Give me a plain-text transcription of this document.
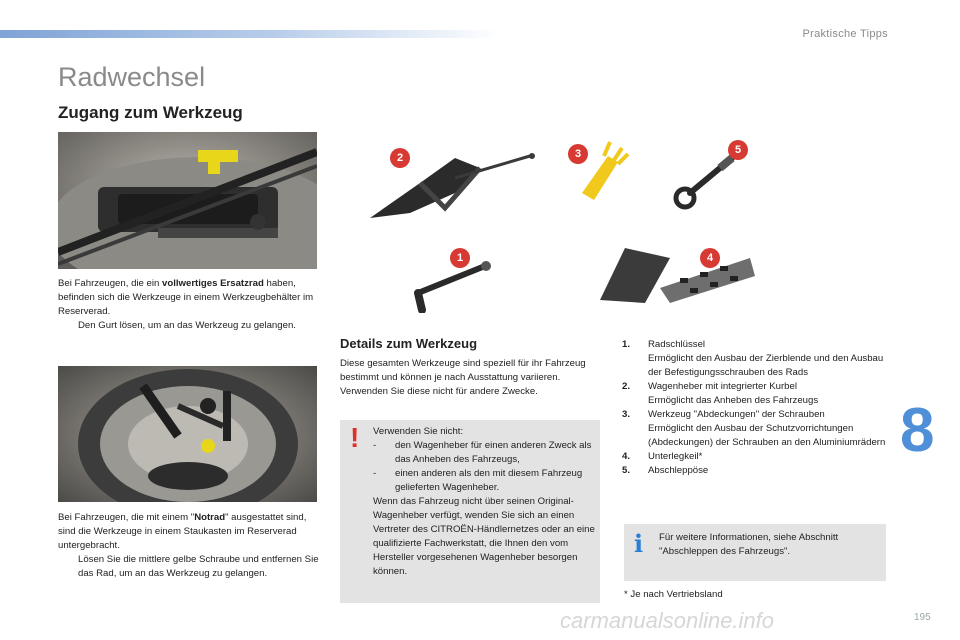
Praktische Tipps
Radwechsel
Zugang zum Werkzeug

Bei Fahrzeugen, die ein vollwertiges Ersatzrad haben, befinden sich die Werkzeuge in einem Werkzeugbehälter im Reserverad.

Den Gurt lösen, um an das Werkzeug zu gelangen.

Bei Fahrzeugen, die mit einem "Notrad" ausgestattet sind, sind die Werkzeuge in einem Staukasten im Reserverad untergebracht.

Lösen Sie die mittlere gelbe Schraube und entfernen Sie das Rad, um an das Werkzeug zu gelangen.
2	3	5
1	4
Details zum Werkzeug
Diese gesamten Werkzeuge sind speziell für ihr Fahrzeug bestimmt und können je nach Ausstattung variieren. Verwenden Sie diese nicht für andere Zwecke.
! Verwenden Sie nicht:

-	den Wagenheber für einen anderen Zweck als das Anheben des Fahrzeugs,
-	einen anderen als den mit diesem Fahrzeug gelieferten Wagenheber.

Wenn das Fahrzeug nicht über seinen Original-Wagenheber verfügt, wenden Sie sich an einen Vertreter des CITROËN-Händlernetzes oder an eine qualifizierte Fachwerkstatt, die Ihnen den vom Hersteller vorgesehenen Wagenheber besorgen können.

1.	Radschlüssel
Ermöglicht den Ausbau der Zierblende und den Ausbau der Befestigungsschrauben des Rads
2.	Wagenheber mit integrierter Kurbel
Ermöglicht das Anheben des Fahrzeugs
3.	Werkzeug "Abdeckungen" der Schrauben
Ermöglicht den Ausbau der Schutzvorrichtungen (Abdeckungen) der Schrauben an den Aluminiumrädern
4.	Unterlegkeil*
5.	Abschleppöse
i Für weitere Informationen, siehe Abschnitt "Abschleppen des Fahrzeugs".
* Je nach Vertriebsland
8
carmanualsonline.info	195
